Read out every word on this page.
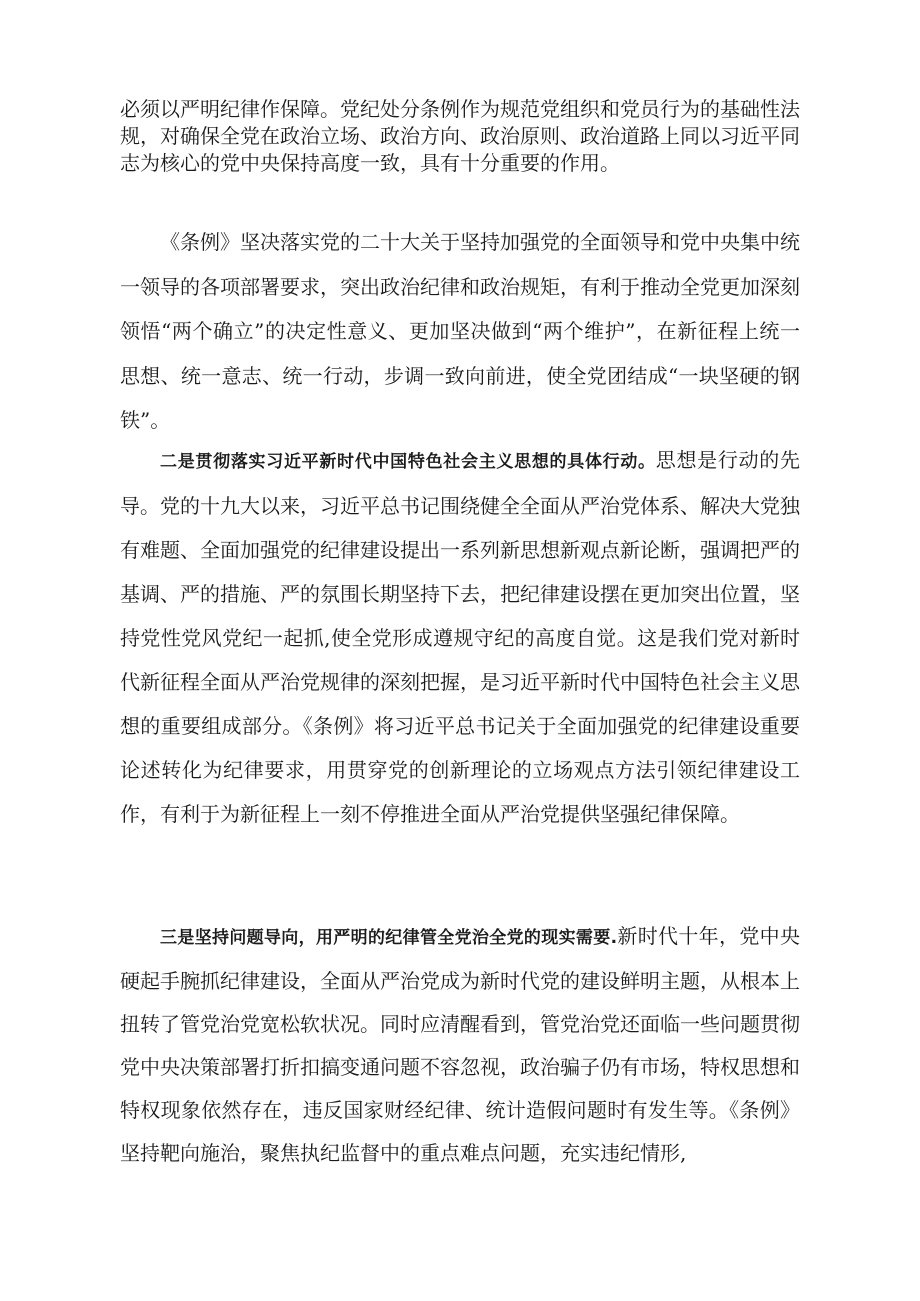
必须以严明纪律作保障。党纪处分条例作为规范党组织和党员行为的基础性法规，对确保全党在政治立场、政治方向、政治原则、政治道路上同以习近平同志为核心的党中央保持高度一致，具有十分重要的作用。

《条例》坚决落实党的二十大关于坚持加强党的全面领导和党中央集中统一领导的各项部署要求，突出政治纪律和政治规矩，有利于推动全党更加深刻领悟“两个确立”的决定性意义、更加坚决做到“两个维护”，在新征程上统一思想、统一意志、统一行动，步调一致向前进，使全党团结成“一块坚硬的钢铁”。

二是贯彻落实习近平新时代中国特色社会主义思想的具体行动。思想是行动的先导。党的十九大以来，习近平总书记围绕健全全面从严治党体系、解决大党独有难题、全面加强党的纪律建设提出一系列新思想新观点新论断，强调把严的基调、严的措施、严的氛围长期坚持下去，把纪律建设摆在更加突出位置，坚持党性党风党纪一起抓,使全党形成遵规守纪的高度自觉。这是我们党对新时代新征程全面从严治党规律的深刻把握，是习近平新时代中国特色社会主义思想的重要组成部分。《条例》将习近平总书记关于全面加强党的纪律建设重要论述转化为纪律要求，用贯穿党的创新理论的立场观点方法引领纪律建设工作，有利于为新征程上一刻不停推进全面从严治党提供坚强纪律保障。

三是坚持问题导向，用严明的纪律管全党治全党的现实需要.新时代十年，党中央硬起手腕抓纪律建设，全面从严治党成为新时代党的建设鲜明主题，从根本上扭转了管党治党宽松软状况。同时应清醒看到，管党治党还面临一些问题贯彻党中央决策部署打折扣搞变通问题不容忽视，政治骗子仍有市场，特权思想和特权现象依然存在，违反国家财经纪律、统计造假问题时有发生等。《条例》坚持靶向施治，聚焦执纪监督中的重点难点问题，充实违纪情形,
